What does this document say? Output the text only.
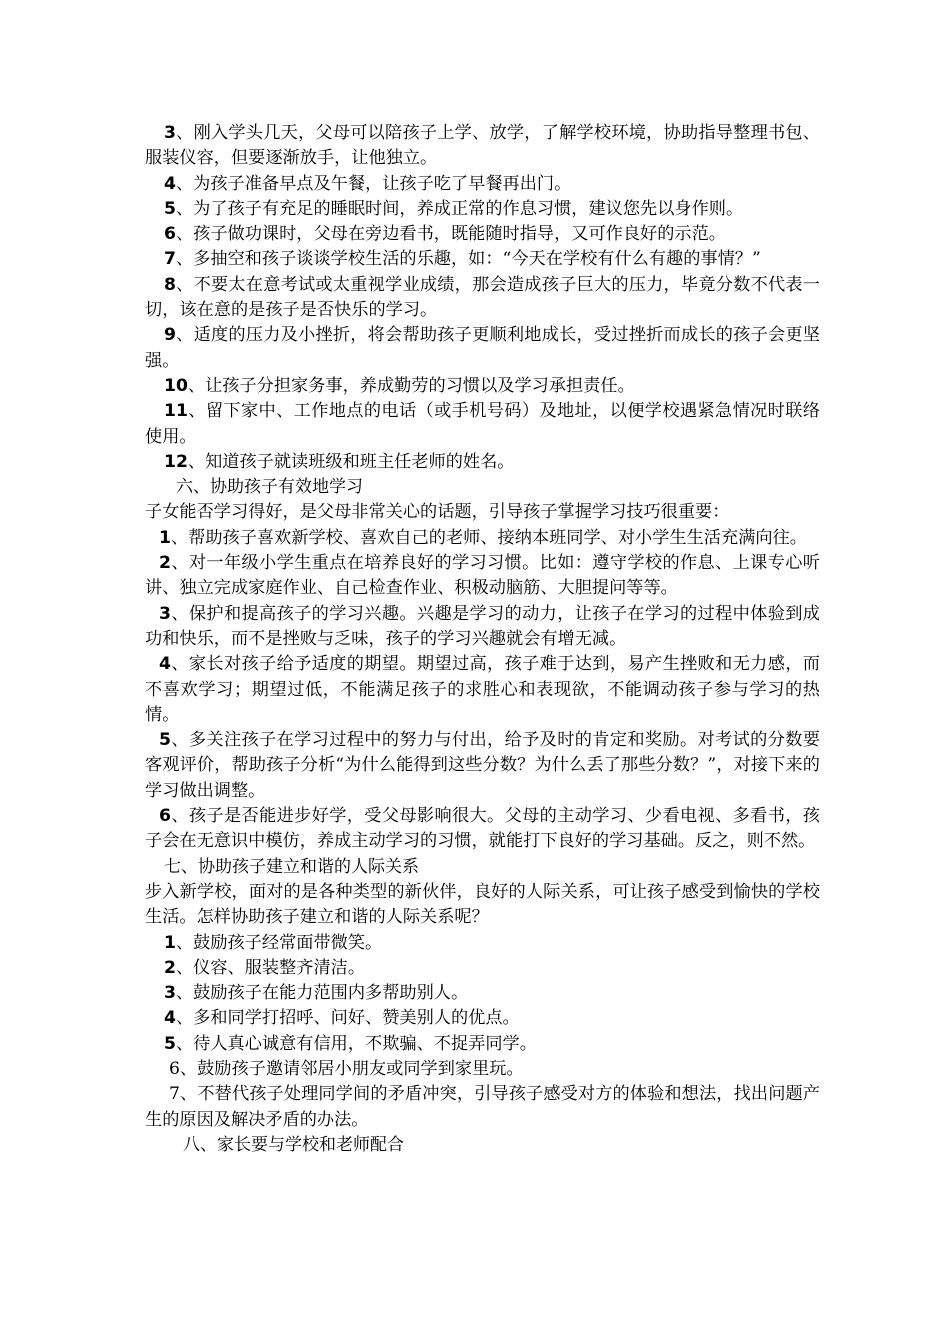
3、刚入学头几天，父母可以陪孩子上学、放学，了解学校环境，协助指导整理书包、服装仪容，但要逐渐放手，让他独立。

4、为孩子准备早点及午餐，让孩子吃了早餐再出门。

5、为了孩子有充足的睡眠时间，养成正常的作息习惯，建议您先以身作则。

6、孩子做功课时，父母在旁边看书，既能随时指导，又可作良好的示范。

7、多抽空和孩子谈谈学校生活的乐趣，如：“今天在学校有什么有趣的事情？”

8、不要太在意考试或太重视学业成绩，那会造成孩子巨大的压力，毕竟分数不代表一切，该在意的是孩子是否快乐的学习。

9、适度的压力及小挫折，将会帮助孩子更顺利地成长，受过挫折而成长的孩子会更坚强。

10、让孩子分担家务事，养成勤劳的习惯以及学习承担责任。

11、留下家中、工作地点的电话（或手机号码）及地址，以便学校遇紧急情况时联络使用。

12、知道孩子就读班级和班主任老师的姓名。

六、协助孩子有效地学习

子女能否学习得好，是父母非常关心的话题，引导孩子掌握学习技巧很重要：

1、帮助孩子喜欢新学校、喜欢自己的老师、接纳本班同学、对小学生生活充满向往。

2、对一年级小学生重点在培养良好的学习习惯。比如：遵守学校的作息、上课专心听讲、独立完成家庭作业、自己检查作业、积极动脑筋、大胆提问等等。

3、保护和提高孩子的学习兴趣。兴趣是学习的动力，让孩子在学习的过程中体验到成功和快乐，而不是挫败与乏味，孩子的学习兴趣就会有增无减。

4、家长对孩子给予适度的期望。期望过高，孩子难于达到，易产生挫败和无力感，而不喜欢学习；期望过低，不能满足孩子的求胜心和表现欲，不能调动孩子参与学习的热情。

5、多关注孩子在学习过程中的努力与付出，给予及时的肯定和奖励。对考试的分数要客观评价，帮助孩子分析“为什么能得到这些分数？为什么丢了那些分数？”，对接下来的学习做出调整。

6、孩子是否能进步好学，受父母影响很大。父母的主动学习、少看电视、多看书，孩子会在无意识中模仿，养成主动学习的习惯，就能打下良好的学习基础。反之，则不然。

七、协助孩子建立和谐的人际关系

步入新学校，面对的是各种类型的新伙伴，良好的人际关系，可让孩子感受到愉快的学校生活。怎样协助孩子建立和谐的人际关系呢？

1、鼓励孩子经常面带微笑。

2、仪容、服装整齐清洁。

3、鼓励孩子在能力范围内多帮助别人。

4、多和同学打招呼、问好、赞美别人的优点。

5、待人真心诚意有信用，不欺骗、不捉弄同学。

6、鼓励孩子邀请邻居小朋友或同学到家里玩。

7、不替代孩子处理同学间的矛盾冲突，引导孩子感受对方的体验和想法，找出问题产生的原因及解决矛盾的办法。

八、家长要与学校和老师配合
